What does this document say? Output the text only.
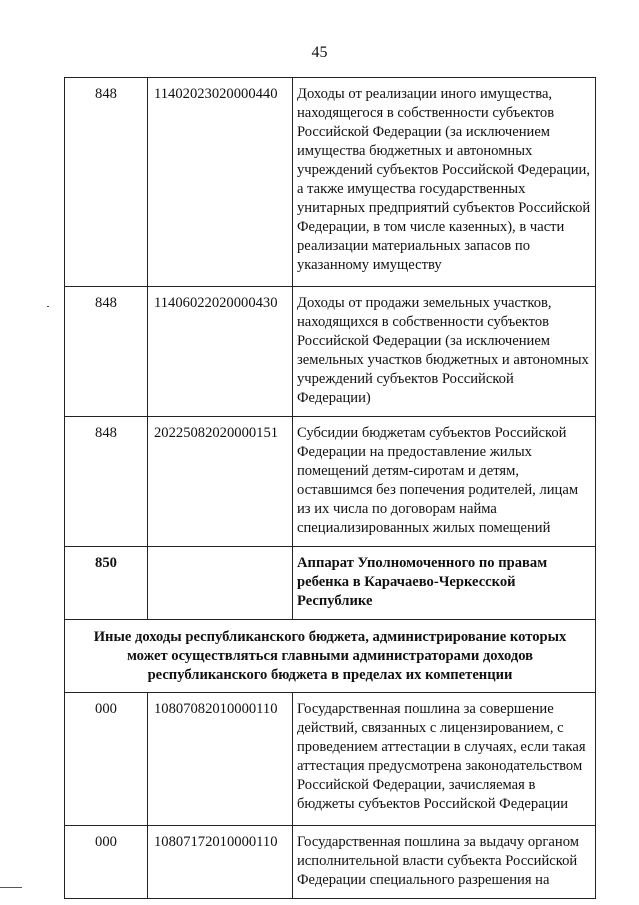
45
848	11402023020000440	Доходы от реализации иного имущества, находящегося в собственности субъектов Российской Федерации (за исключением имущества бюджетных и автономных учреждений субъектов Российской Федерации, а также имущества государственных унитарных предприятий субъектов Российской Федерации, в том числе казенных), в части реализации материальных запасов по указанному имуществу
848	11406022020000430	Доходы от продажи земельных участков, находящихся в собственности субъектов Российской Федерации (за исключением земельных участков бюджетных и автономных учреждений субъектов Российской Федерации)
848	20225082020000151	Субсидии бюджетам субъектов Российской Федерации на предоставление жилых помещений детям-сиротам и детям, оставшимся без попечения родителей, лицам из их числа по договорам найма специализированных жилых помещений
850		Аппарат Уполномоченного по правам ребенка в Карачаево-Черкесской Республике
Иные доходы республиканского бюджета, администрирование которых может осуществляться главными администраторами доходов республиканского бюджета в пределах их компетенции		
000	10807082010000110	Государственная пошлина за совершение действий, связанных с лицензированием, с проведением аттестации в случаях, если такая аттестация предусмотрена законодательством Российской Федерации, зачисляемая в бюджеты субъектов Российской Федерации
000	10807172010000110	Государственная пошлина за выдачу органом исполнительной власти субъекта Российской Федерации специального разрешения на
